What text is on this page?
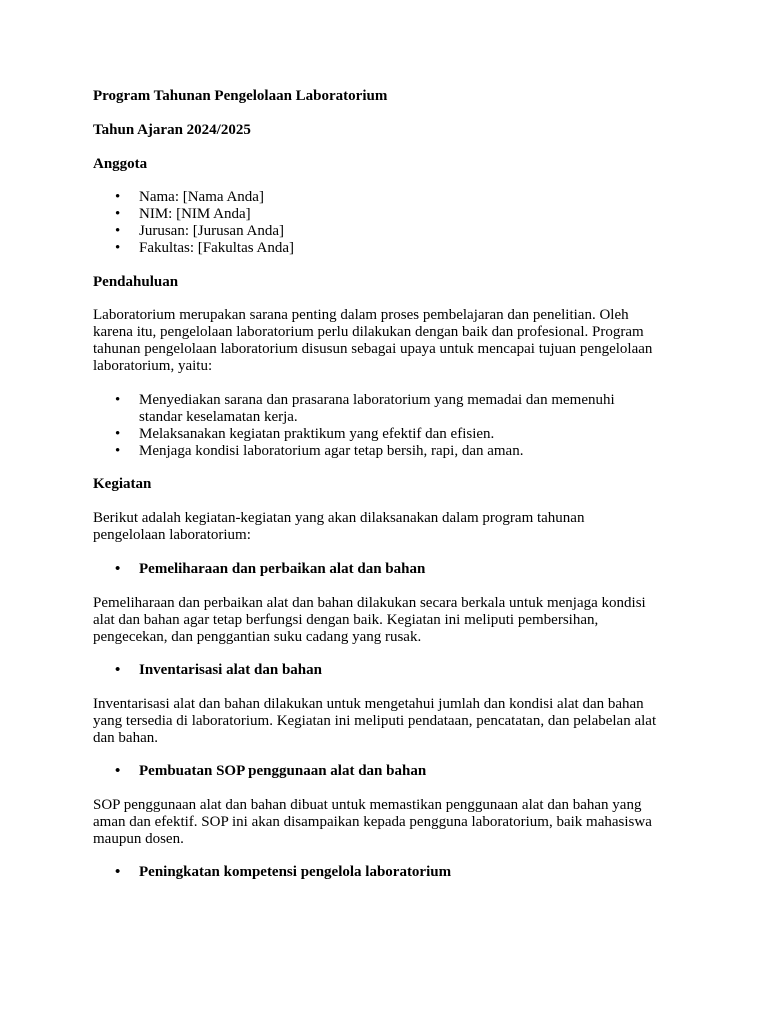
Program Tahunan Pengelolaan Laboratorium

Tahun Ajaran 2024/2025

Anggota

• Nama: [Nama Anda]
• NIM: [NIM Anda]
• Jurusan: [Jurusan Anda]
• Fakultas: [Fakultas Anda]

Pendahuluan

Laboratorium merupakan sarana penting dalam proses pembelajaran dan penelitian. Oleh
karena itu, pengelolaan laboratorium perlu dilakukan dengan baik dan profesional. Program
tahunan pengelolaan laboratorium disusun sebagai upaya untuk mencapai tujuan pengelolaan
laboratorium, yaitu:
• Menyediakan sarana dan prasarana laboratorium yang memadai dan memenuhi
standar keselamatan kerja.
• Melaksanakan kegiatan praktikum yang efektif dan efisien.
• Menjaga kondisi laboratorium agar tetap bersih, rapi, dan aman.

Kegiatan

Berikut adalah kegiatan-kegiatan yang akan dilaksanakan dalam program tahunan
pengelolaan laboratorium:
• Pemeliharaan dan perbaikan alat dan bahan
Pemeliharaan dan perbaikan alat dan bahan dilakukan secara berkala untuk menjaga kondisi
alat dan bahan agar tetap berfungsi dengan baik. Kegiatan ini meliputi pembersihan,
pengecekan, dan penggantian suku cadang yang rusak.
• Inventarisasi alat dan bahan
Inventarisasi alat dan bahan dilakukan untuk mengetahui jumlah dan kondisi alat dan bahan
yang tersedia di laboratorium. Kegiatan ini meliputi pendataan, pencatatan, dan pelabelan alat
dan bahan.
• Pembuatan SOP penggunaan alat dan bahan
SOP penggunaan alat dan bahan dibuat untuk memastikan penggunaan alat dan bahan yang
aman dan efektif. SOP ini akan disampaikan kepada pengguna laboratorium, baik mahasiswa
maupun dosen.
• Peningkatan kompetensi pengelola laboratorium
